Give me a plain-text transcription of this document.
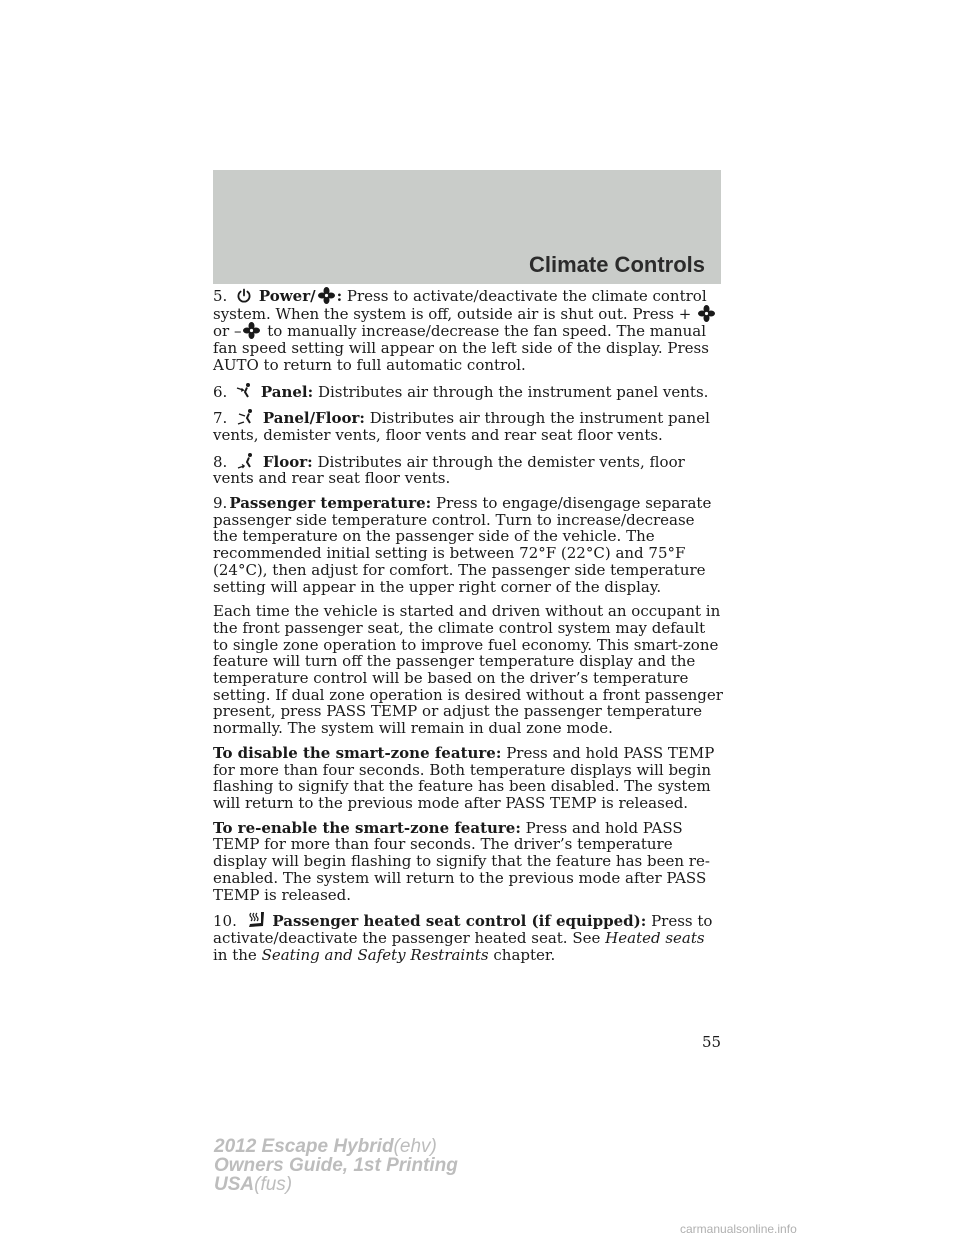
Climate Controls

5. Power/ : Press to activate/deactivate the climate control system. When the system is off, outside air is shut out. Press +
or – to manually increase/decrease the fan speed. The manual fan speed setting will appear on the left side of the display. Press AUTO to return to full automatic control.

6. Panel: Distributes air through the instrument panel vents.

7. Panel/Floor: Distributes air through the instrument panel vents, demister vents, floor vents and rear seat floor vents.

8. Floor: Distributes air through the demister vents, floor vents and rear seat floor vents.

9. Passenger temperature: Press to engage/disengage separate passenger side temperature control. Turn to increase/decrease the temperature on the passenger side of the vehicle. The recommended initial setting is between 72°F (22°C) and 75°F (24°C), then adjust for comfort. The passenger side temperature setting will appear in the upper right corner of the display.

Each time the vehicle is started and driven without an occupant in the front passenger seat, the climate control system may default to single zone operation to improve fuel economy. This smart-zone feature will turn off the passenger temperature display and the temperature control will be based on the driver’s temperature setting. If dual zone operation is desired without a front passenger present, press PASS TEMP or adjust the passenger temperature normally. The system will remain in dual zone mode.

To disable the smart-zone feature: Press and hold PASS TEMP for more than four seconds. Both temperature displays will begin flashing to signify that the feature has been disabled. The system will return to the previous mode after PASS TEMP is released.

To re-enable the smart-zone feature: Press and hold PASS TEMP for more than four seconds. The driver’s temperature display will begin flashing to signify that the feature has been re-enabled. The system will return to the previous mode after PASS TEMP is released.

10. Passenger heated seat control (if equipped): Press to activate/deactivate the passenger heated seat. See Heated seats in the Seating and Safety Restraints chapter.

55
2012 Escape Hybrid(ehv)
Owners Guide, 1st Printing
USA(fus)
carmanualsonline.info
